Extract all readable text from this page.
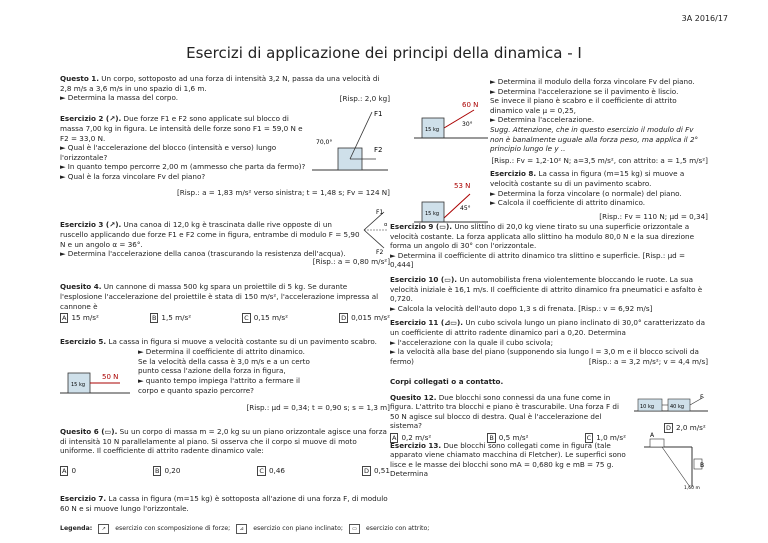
3A 2016/17
Esercizi di applicazione dei principi della dinamica - I

Questo 1. Un corpo, sottoposto ad una forza di intensità 3,2 N, passa da una velocità di 2,8 m/s a 3,6 m/s in uno spazio di 1,6 m.

► Determina la massa del corpo.	[Risp.: 2,0 kg]

Esercizio 2 (↗). Due forze F1 e F2 sono applicate sul blocco di massa 7,00 kg in figura. Le intensità delle forze sono F1 = 59,0 N e F2 = 33,0 N.

► Qual è l'accelerazione del blocco (intensità e verso) lungo l'orizzontale?

► In quanto tempo percorre 2,00 m (ammesso che parta da fermo)?

► Qual è la forza vincolare Fv del piano?

70,0°
F1
F2

[Risp.: a = 1,83 m/s² verso sinistra; t = 1,48 s; Fv = 124 N]

Esercizio 3 (↗). Una canoa di 12,0 kg è trascinata dalle rive opposte di un ruscello applicando due forze F1 e F2 come in figura, entrambe di modulo F = 5,90 N e un angolo α = 36°.

► Determina l'accelerazione della canoa (trascurando la resistenza dell'acqua).

F1
F2
α

[Risp.: a = 0,80 m/s²]

Quesito 4. Un cannone di massa 500 kg spara un proiettile di 5 kg. Se durante l'esplosione l'accelerazione del proiettile è stata di 150 m/s², l'accelerazione impressa al cannone è

A 15 m/s²	B 1,5 m/s²	C 0,15 m/s²	D 0,015 m/s²

Esercizio 5. La cassa in figura si muove a velocità costante su di un pavimento scabro.

15 kg
50 N

► Determina il coefficiente di attrito dinamico.

Se la velocità della cassa è 3,0 m/s e a un certo punto cessa l'azione della forza in figura,

► quanto tempo impiega l'attrito a fermare il corpo e quanto spazio percorre?

[Risp.: μd = 0,34; t = 0,90 s; s = 1,3 m]

Quesito 6 (▭). Su un corpo di massa m = 2,0 kg su un piano orizzontale agisce una forza di intensità 10 N parallelamente al piano. Si osserva che il corpo si muove di moto uniforme. Il coefficiente di attrito radente dinamico vale:

A 0	B 0,20	C 0,46	D 0,51

Esercizio 7. La cassa in figura (m=15 kg) è sottoposta all'azione di una forza F, di modulo 60 N e si muove lungo l'orizzontale.

60 N
30°
15 kg
53 N
45°
15 kg

► Determina il modulo della forza vincolare Fv del piano.

► Determina l'accelerazione se il pavimento è liscio.

Se invece il piano è scabro e il coefficiente di attrito dinamico vale μ = 0,25,

► Determina l'accelerazione.

Sugg. Attenzione, che in questo esercizio il modulo di Fv non è banalmente uguale alla forza peso, ma applica il 2° principio lungo le y ..

[Risp.: Fv = 1,2·10² N; a=3,5 m/s², con attrito: a = 1,5 m/s²]

Esercizio 8. La cassa in figura (m=15 kg) si muove a velocità costante su di un pavimento scabro.

► Determina la forza vincolare (o normale) del piano.

► Calcola il coefficiente di attrito dinamico.

[Risp.: Fv = 110 N; μd = 0,34]

Esercizio 9 (▭). Uno slittino di 20,0 kg viene tirato su una superficie orizzontale a velocità costante. La forza applicata allo slittino ha modulo 80,0 N e la sua direzione forma un angolo di 30° con l'orizzontale.

► Determina il coefficiente di attrito dinamico tra slittino e superficie. [Risp.: μd = 0,444]

Esercizio 10 (▭). Un automobilista frena violentemente bloccando le ruote. La sua velocità iniziale è 16,1 m/s. Il coefficiente di attrito dinamico fra pneumatici e asfalto è 0,720.

► Calcola la velocità dell'auto dopo 1,3 s di frenata. [Risp.: v = 6,92 m/s]

Esercizio 11 (⊿▭). Un cubo scivola lungo un piano inclinato di 30,0° caratterizzato da un coefficiente di attrito radente dinamico pari a 0,20. Determina

► l'accelerazione con la quale il cubo scivola;

► la velocità alla base del piano (supponendo sia lungo l = 3,0 m e il blocco scivoli da fermo)	[Risp.: a = 3,2 m/s²; v = 4,4 m/s]

Corpi collegati o a contatto.

Quesito 12. Due blocchi sono connessi da una fune come in figura. L'attrito tra blocchi e piano è trascurabile. Una forza F di 50 N agisce sul blocco di destra. Qual è l'accelerazione del sistema?

A 0,2 m/s²	B 0,5 m/s²	C 1,0 m/s²
10 kg	40 kg
F
D 2,0 m/s²

Esercizio 13. Due blocchi sono collegati come in figura (tale apparato viene chiamato macchina di Fletcher). Le superfici sono lisce e le masse dei blocchi sono mA = 0,680 kg e mB = 75 g. Determina

A
B
1,60 m
Legenda:	↗	esercizio con scomposizione di forze;	⊿	esercizio con piano inclinato;	▭	esercizio con attrito;
